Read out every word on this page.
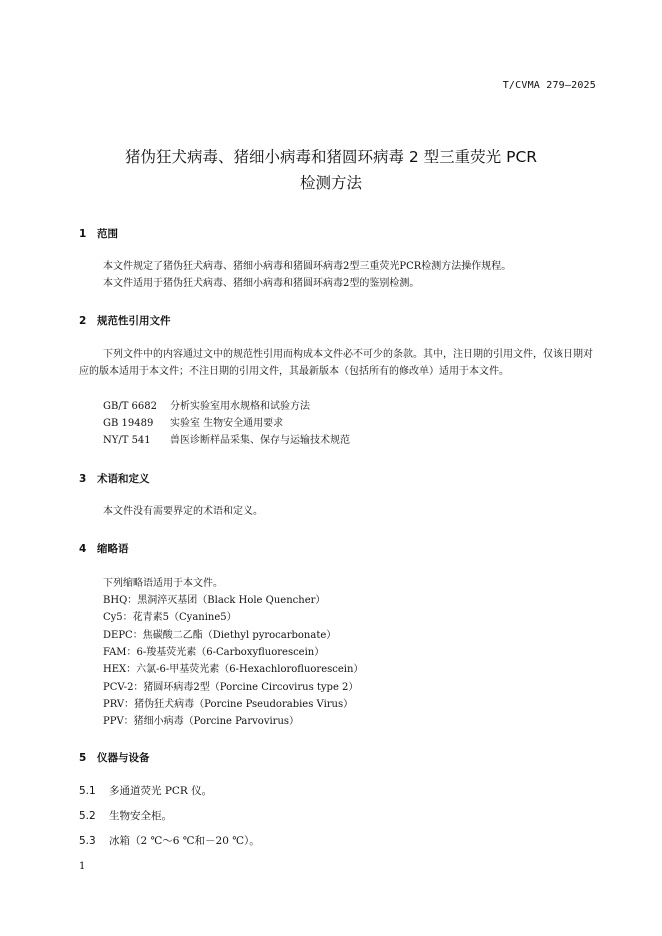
T/CVMA 279—2025
猪伪狂犬病毒、猪细小病毒和猪圆环病毒 2 型三重荧光 PCR
检测方法
1 范围
本文件规定了猪伪狂犬病毒、猪细小病毒和猪圆环病毒2型三重荧光PCR检测方法操作规程。
本文件适用于猪伪狂犬病毒、猪细小病毒和猪圆环病毒2型的鉴别检测。
2 规范性引用文件
下列文件中的内容通过文中的规范性引用而构成本文件必不可少的条款。其中，注日期的引用文件，仅该日期对应的版本适用于本文件；不注日期的引用文件，其最新版本（包括所有的修改单）适用于本文件。
GB/T 6682 分析实验室用水规格和试验方法
GB 19489 实验室 生物安全通用要求
NY/T 541 兽医诊断样品采集、保存与运输技术规范
3 术语和定义
本文件没有需要界定的术语和定义。
4 缩略语
下列缩略语适用于本文件。
BHQ：黑洞淬灭基团（Black Hole Quencher）
Cy5：花青素5（Cyanine5）
DEPC：焦碳酸二乙酯（Diethyl pyrocarbonate）
FAM：6-羧基荧光素（6-Carboxyfluorescein）
HEX：六氯-6-甲基荧光素（6-Hexachlorofluorescein）
PCV-2：猪圆环病毒2型（Porcine Circovirus type 2）
PRV：猪伪狂犬病毒（Porcine Pseudorabies Virus）
PPV：猪细小病毒（Porcine Parvovirus）
5 仪器与设备
5.1 多通道荧光 PCR 仪。
5.2 生物安全柜。
5.3 冰箱（2 ℃～6 ℃和－20 ℃）。
1
